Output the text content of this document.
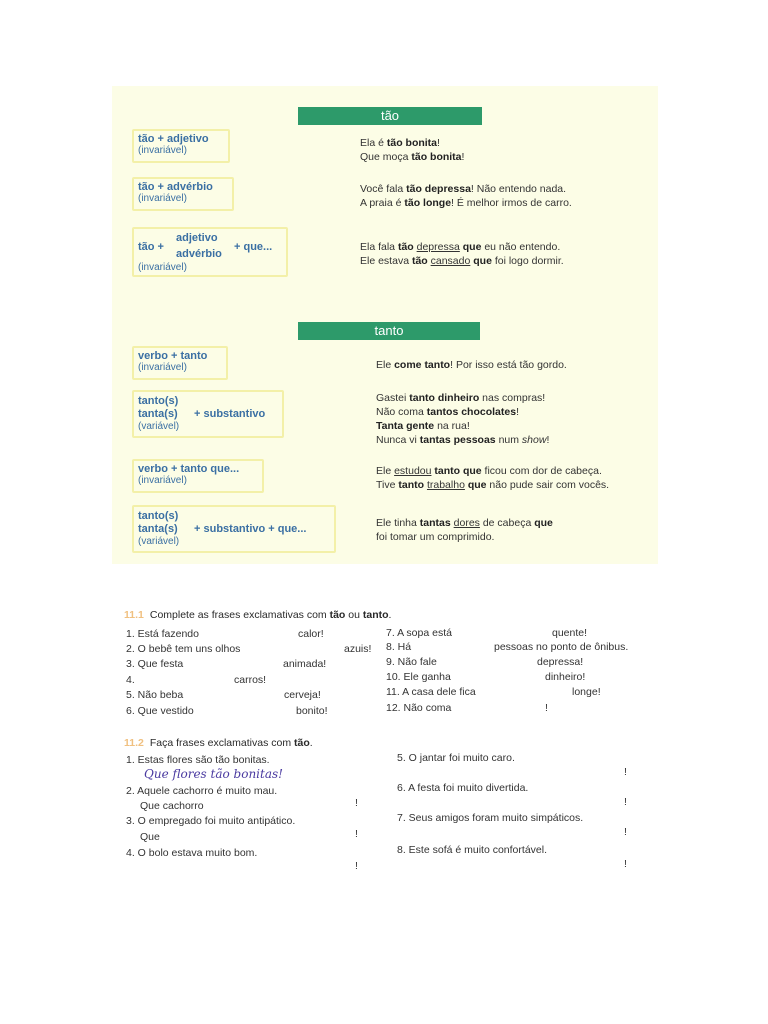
tão
tão + adjetivo
(invariável)
Ela é tão bonita!
Que moça tão bonita!
tão + advérbio
(invariável)
Você fala tão depressa! Não entendo nada.
A praia é tão longe! É melhor irmos de carro.
tão +
adjetivo
advérbio
+ que...
(invariável)
Ela fala tão depressa que eu não entendo.
Ele estava tão cansado que foi logo dormir.
tanto
verbo + tanto
(invariável)	Ele come tanto! Por isso está tão gordo.
tanto(s)
tanta(s) + substantivo
(variável)
Gastei tanto dinheiro nas compras!
Não coma tantos chocolates!
Tanta gente na rua!
Nunca vi tantas pessoas num show!
verbo + tanto que...
(invariável)
Ele estudou tanto que ficou com dor de cabeça.
Tive tanto trabalho que não pude sair com vocês.
tanto(s)
tanta(s) + substantivo + que...
(variável)
Ele tinha tantas dores de cabeça que
foi tomar um comprimido.
11.1 Complete as frases exclamativas com tão ou tanto.
1. Está fazendo	calor!
2. O bebê tem uns olhos	azuis!
3. Que festa	animada!
4.	carros!
5. Não beba	cerveja!
6. Que vestido	bonito!
7. A sopa está	quente!
8. Há	pessoas no ponto de ônibus.
9. Não fale	depressa!
10. Ele ganha	dinheiro!
11. A casa dele fica	longe!
12. Não coma	!
11.2 Faça frases exclamativas com tão.
1. Estas flores são tão bonitas.
Que flores tão bonitas!
2. Aquele cachorro é muito mau.
Que cachorro	!
3. O empregado foi muito antipático.
Que	!
4. O bolo estava muito bom.
!
5. O jantar foi muito caro.
!
6. A festa foi muito divertida.
!
7. Seus amigos foram muito simpáticos.
!
8. Este sofá é muito confortável.
!
